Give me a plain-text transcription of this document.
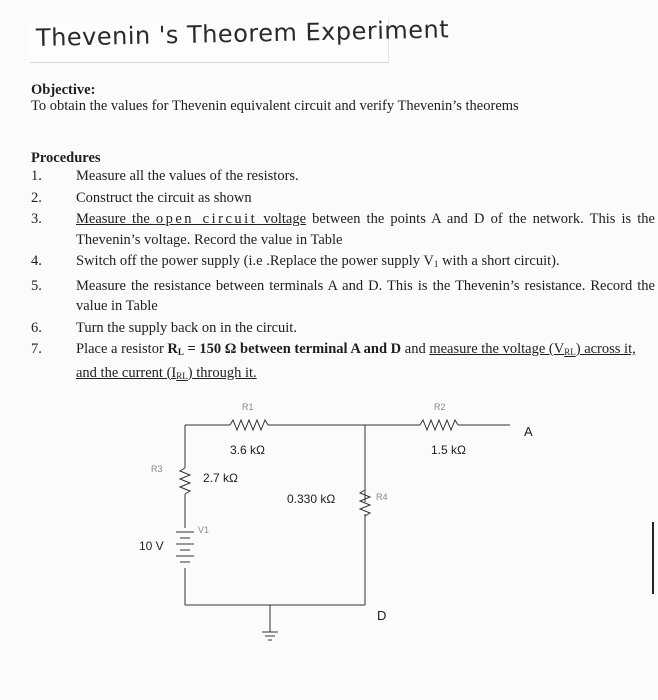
Thevenin 's Theorem Experiment
Objective:
To obtain the values for Thevenin equivalent circuit and verify Thevenin’s theorems
Procedures
1. Measure all the values of the resistors.
2. Construct the circuit as shown
3. Measure the open circuit voltage between the points A and D of the network. This is the Thevenin’s voltage. Record the value in Table
4. Switch off the power supply (i.e .Replace the power supply $V_1$ with a short circuit).
5. Measure the resistance between terminals A and D. This is the Thevenin’s resistance. Record the value in Table
6. Turn the supply back on in the circuit.
7. Place a resistor $R_L = 150$ Ω between terminal A and D and measure the voltage $(V_{RL})$ across it, and the current $(I_{RL})$ through it.
R1
3.6 kΩ
R2
1.5 kΩ
A
R3
2.7 kΩ
0.330 kΩ	R4
V1
10 V
D
